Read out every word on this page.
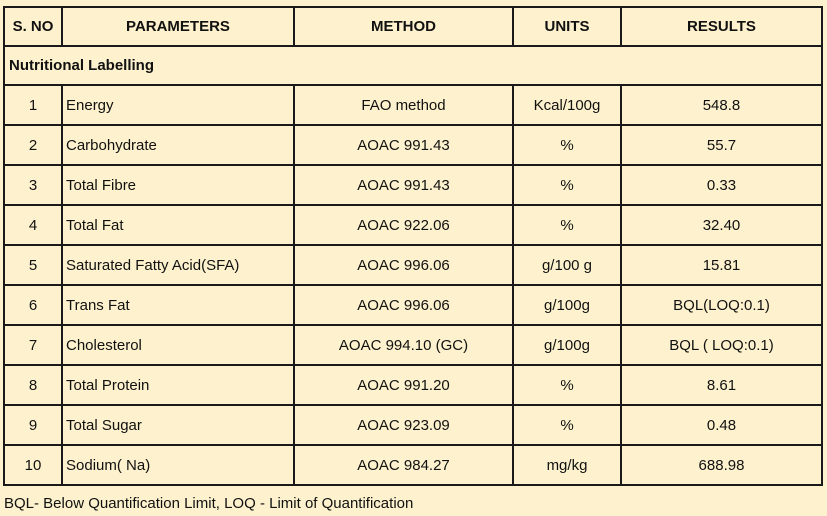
S. NO	PARAMETERS	METHOD	UNITS	RESULTS
Nutritional Labelling				
1	Energy	FAO method	Kcal/100g	548.8
2	Carbohydrate	AOAC 991.43	%	55.7
3	Total Fibre	AOAC 991.43	%	0.33
4	Total Fat	AOAC 922.06	%	32.40
5	Saturated Fatty Acid(SFA)	AOAC 996.06	g/100 g	15.81
6	Trans Fat	AOAC 996.06	g/100g	BQL(LOQ:0.1)
7	Cholesterol	AOAC 994.10 (GC)	g/100g	BQL ( LOQ:0.1)
8	Total Protein	AOAC 991.20	%	8.61
9	Total Sugar	AOAC 923.09	%	0.48
10	Sodium( Na)	AOAC 984.27	mg/kg	688.98
BQL- Below Quantification Limit, LOQ - Limit of Quantification
